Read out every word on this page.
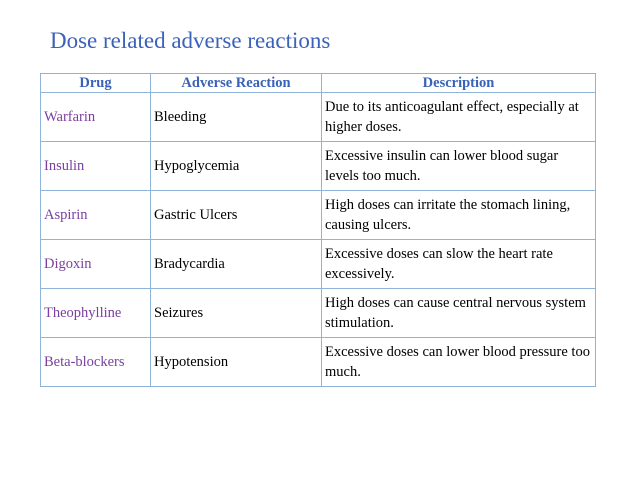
Dose related adverse reactions
Drug	Adverse Reaction	Description
Warfarin	Bleeding	Due to its anticoagulant effect, especially at higher doses.
Insulin	Hypoglycemia	Excessive insulin can lower blood sugar levels too much.
Aspirin	Gastric Ulcers	High doses can irritate the stomach lining, causing ulcers.
Digoxin	Bradycardia	Excessive doses can slow the heart rate excessively.
Theophylline	Seizures	High doses can cause central nervous system stimulation.
Beta-blockers	Hypotension	Excessive doses can lower blood pressure too much.
